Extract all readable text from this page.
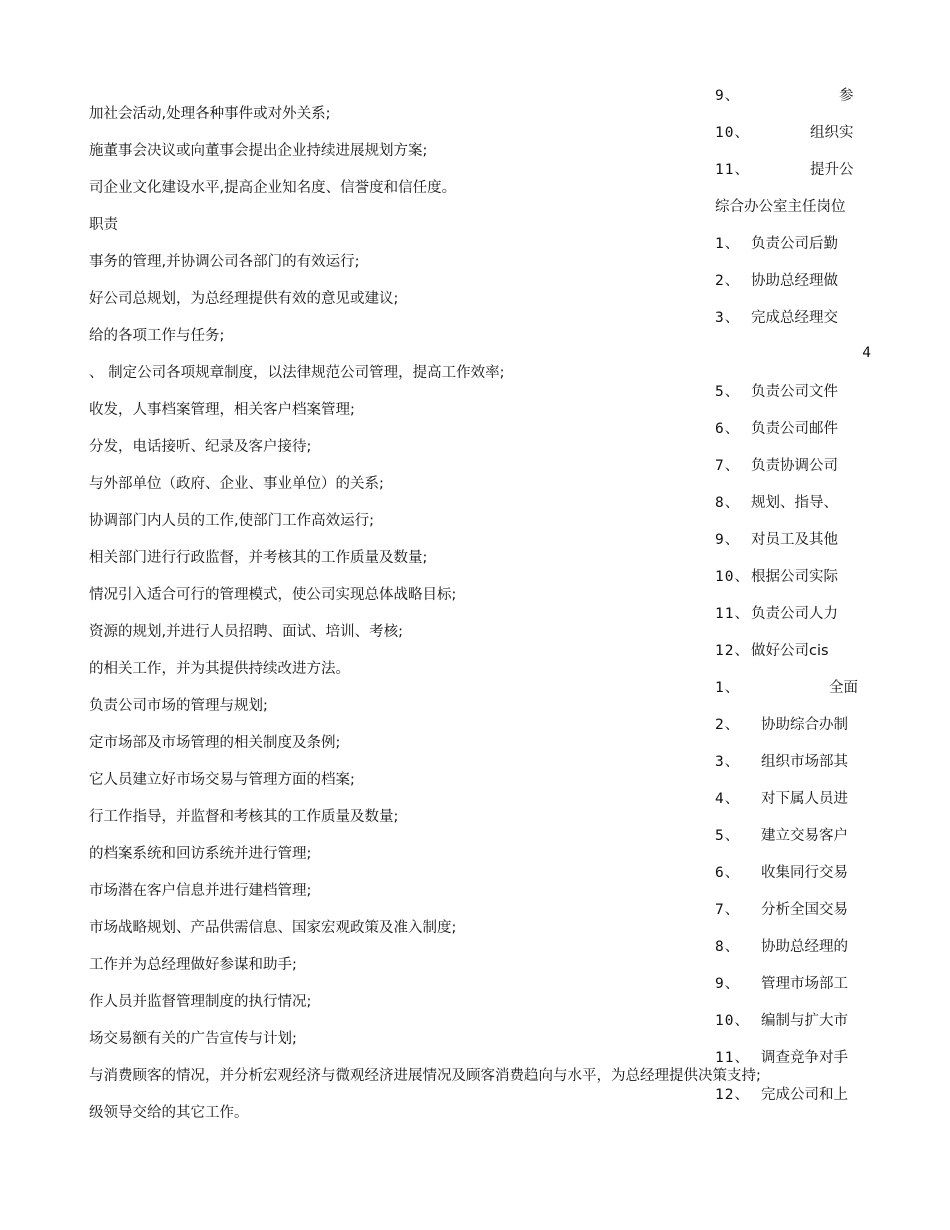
加社会活动,处理各种事件或对外关系;
施董事会决议或向董事会提出企业持续进展规划方案;
司企业文化建设水平,提高企业知名度、信誉度和信任度。
职责
事务的管理,并协调公司各部门的有效运行;
好公司总规划，为总经理提供有效的意见或建议;
给的各项工作与任务;
、 制定公司各项规章制度，以法律规范公司管理，提高工作效率;
收发，人事档案管理，相关客户档案管理;
分发，电话接听、纪录及客户接待;
与外部单位（政府、企业、事业单位）的关系;
协调部门内人员的工作,使部门工作高效运行;
相关部门进行行政监督，并考核其的工作质量及数量;
情况引入适合可行的管理模式，使公司实现总体战略目标;
资源的规划,并进行人员招聘、面试、培训、考核;
的相关工作，并为其提供持续改进方法。
负责公司市场的管理与规划;
定市场部及市场管理的相关制度及条例;
它人员建立好市场交易与管理方面的档案;
行工作指导，并监督和考核其的工作质量及数量;
的档案系统和回访系统并进行管理;
市场潜在客户信息并进行建档管理;
市场战略规划、产品供需信息、国家宏观政策及准入制度;
工作并为总经理做好参谋和助手;
作人员并监督管理制度的执行情况;
场交易额有关的广告宣传与计划;
与消费顾客的情况，并分析宏观经济与微观经济进展情况及顾客消费趋向与水平，为总经理提供决策支持;
级领导交给的其它工作。
9、	参
10、	组织实
11、	提升公
综合办公室主任岗位
1、 负责公司后勤
2、 协助总经理做
3、 完成总经理交
5、 负责公司文件
6、 负责公司邮件
7、 负责协调公司
8、 规划、指导、
9、 对员工及其他
10、 根据公司实际
11、 负责公司人力
12、 做好公司cis
1、	全面
2、 协助综合办制
3、 组织市场部其
4、 对下属人员进
5、 建立交易客户
6、 收集同行交易
7、 分析全国交易
8、 协助总经理的
9、 管理市场部工
10、 编制与扩大市
11、 调查竞争对手
12、 完成公司和上
4
